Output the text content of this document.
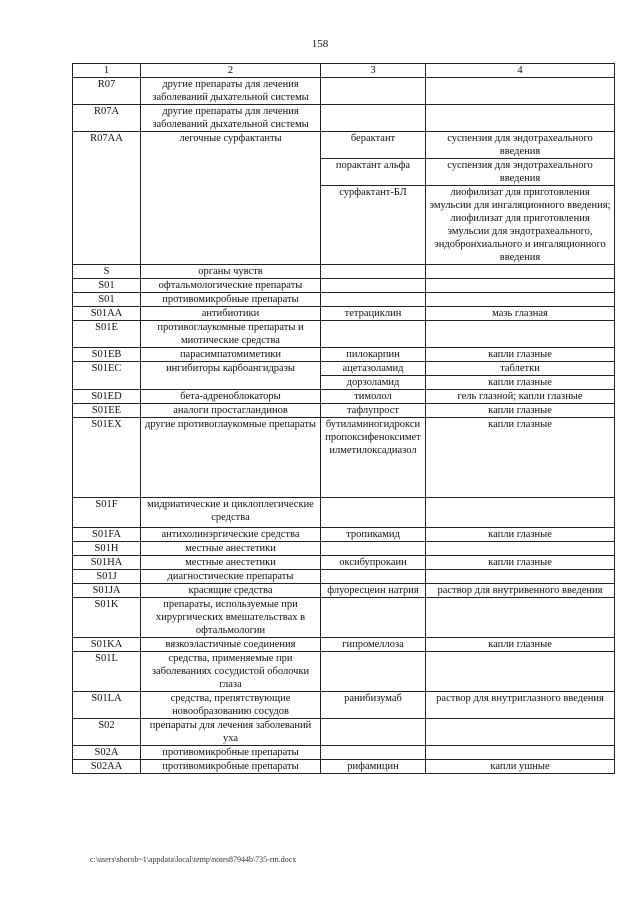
158
1	2	3	4
R07	другие препараты для лечения заболеваний дыхательной системы		
R07A	другие препараты для лечения заболеваний дыхательной системы		
R07AA	легочные сурфактанты	берактант	суспензия для эндотрахеального введения
		порактант альфа	суспензия для эндотрахеального введения
		сурфактант-БЛ	лиофилизат для приготовления эмульсии для ингаляционного введения; лиофилизат для приготовления эмульсии для эндотрахеального, эндобронхиального и ингаляционного введения
S	органы чувств		
S01	офтальмологические препараты		
S01	противомикробные препараты		
S01AA	антибиотики	тетрациклин	мазь глазная
S01E	противоглаукомные препараты и миотические средства		
S01EB	парасимпатомиметики	пилокарпин	капли глазные
S01EC	ингибиторы карбоангидразы	ацетазоламид	таблетки
		дорзоламид	капли глазные
S01ED	бета-адреноблокаторы	тимолол	гель глазной; капли глазные
S01EE	аналоги простагландинов	тафлупрост	капли глазные
S01EX	другие противоглаукомные препараты	бутиламиногидроксипропоксифеноксиметилметилоксадиазол	капли глазные
S01F	мидриатические и циклоплегические средства		
S01FA	антихолинэргические средства	тропикамид	капли глазные
S01H	местные анестетики		
S01HA	местные анестетики	оксибупрокаин	капли глазные
S01J	диагностические препараты		
S01JA	красящие средства	флуоресцеин натрия	раствор для внутривенного введения
S01K	препараты, используемые при хирургических вмешательствах в офтальмологии		
S01KA	вязкоэластичные соединения	гипромеллоза	капли глазные
S01L	средства, применяемые при заболеваниях сосудистой оболочки глаза		
S01LA	средства, препятствующие новообразованию сосудов	ранибизумаб	раствор для внутриглазного введения
S02	препараты для лечения заболеваний уха		
S02A	противомикробные препараты		
S02AA	противомикробные препараты	рифамицин	капли ушные
c:\users\shorob~1\appdata\local\temp\notes87944b\735-rm.docx
